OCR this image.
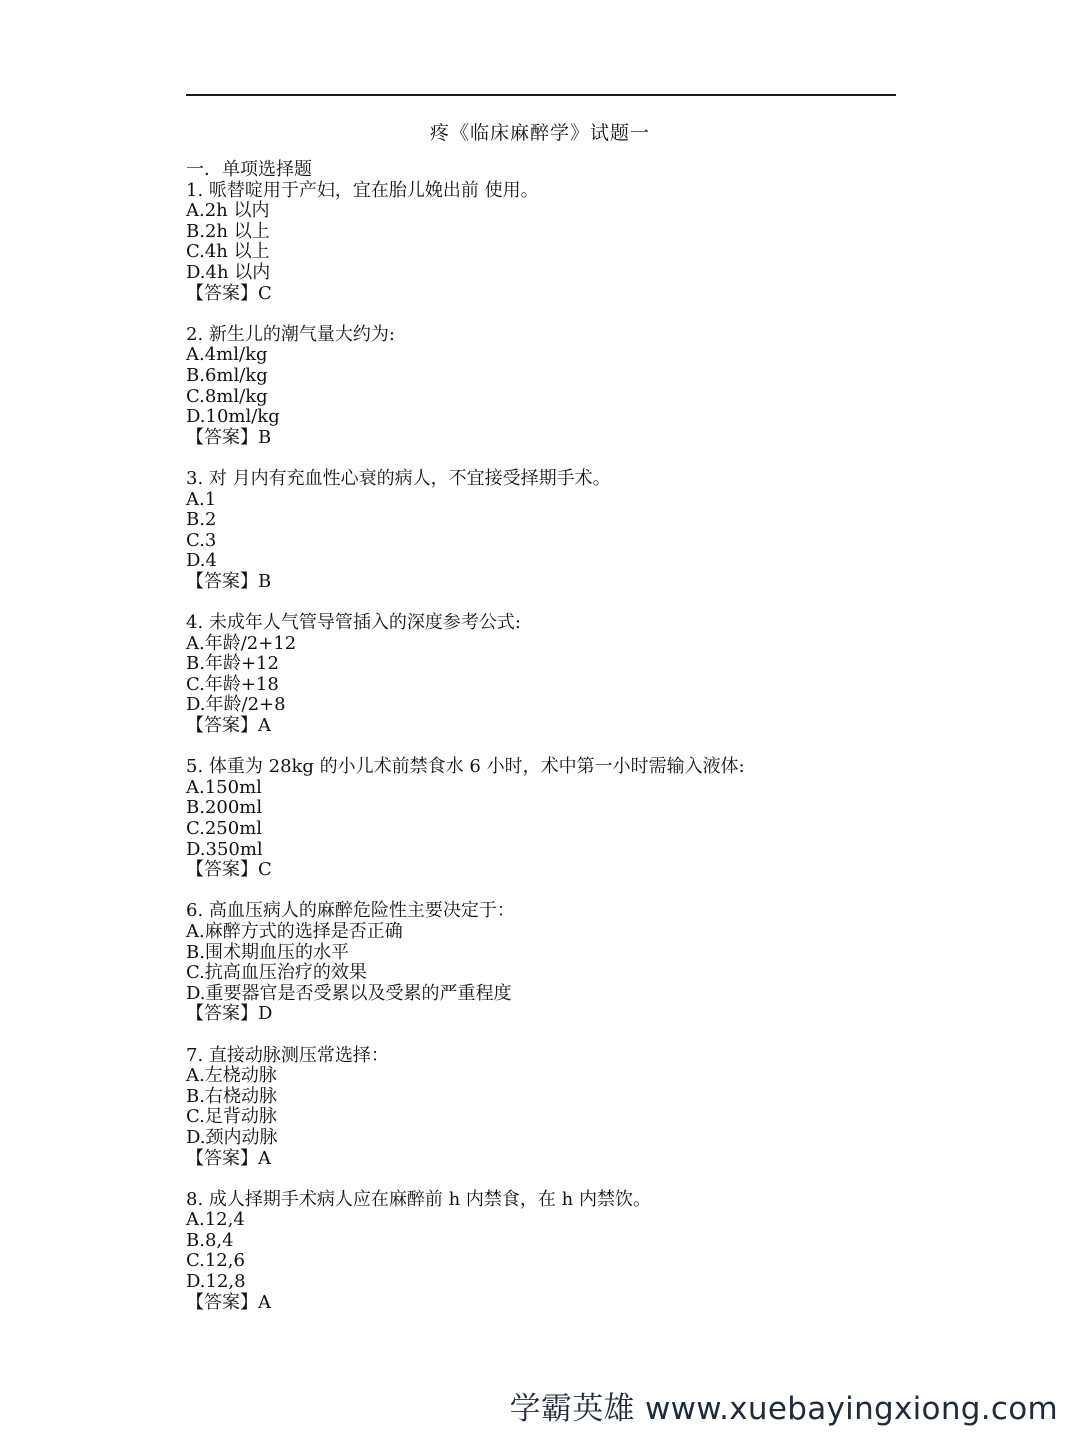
疼《临床麻醉学》试题一
一．单项选择题
1. 哌替啶用于产妇，宜在胎儿娩出前 使用。
A.2h 以内
B.2h 以上
C.4h 以上
D.4h 以内
【答案】C
2. 新生儿的潮气量大约为:
A.4ml/kg
B.6ml/kg
C.8ml/kg
D.10ml/kg
【答案】B
3. 对 月内有充血性心衰的病人，不宜接受择期手术。
A.1
B.2
C.3
D.4
【答案】B
4. 未成年人气管导管插入的深度参考公式:
A.年龄/2+12
B.年龄+12
C.年龄+18
D.年龄/2+8
【答案】A
5. 体重为 28kg 的小儿术前禁食水 6 小时，术中第一小时需输入液体:
A.150ml
B.200ml
C.250ml
D.350ml
【答案】C
6. 高血压病人的麻醉危险性主要决定于：
A.麻醉方式的选择是否正确
B.围术期血压的水平
C.抗高血压治疗的效果
D.重要器官是否受累以及受累的严重程度
【答案】D
7. 直接动脉测压常选择：
A.左桡动脉
B.右桡动脉
C.足背动脉
D.颈内动脉
【答案】A
8. 成人择期手术病人应在麻醉前 h 内禁食，在 h 内禁饮。
A.12,4
B.8,4
C.12,6
D.12,8
【答案】A
学霸英雄 www.xuebayingxiong.com
